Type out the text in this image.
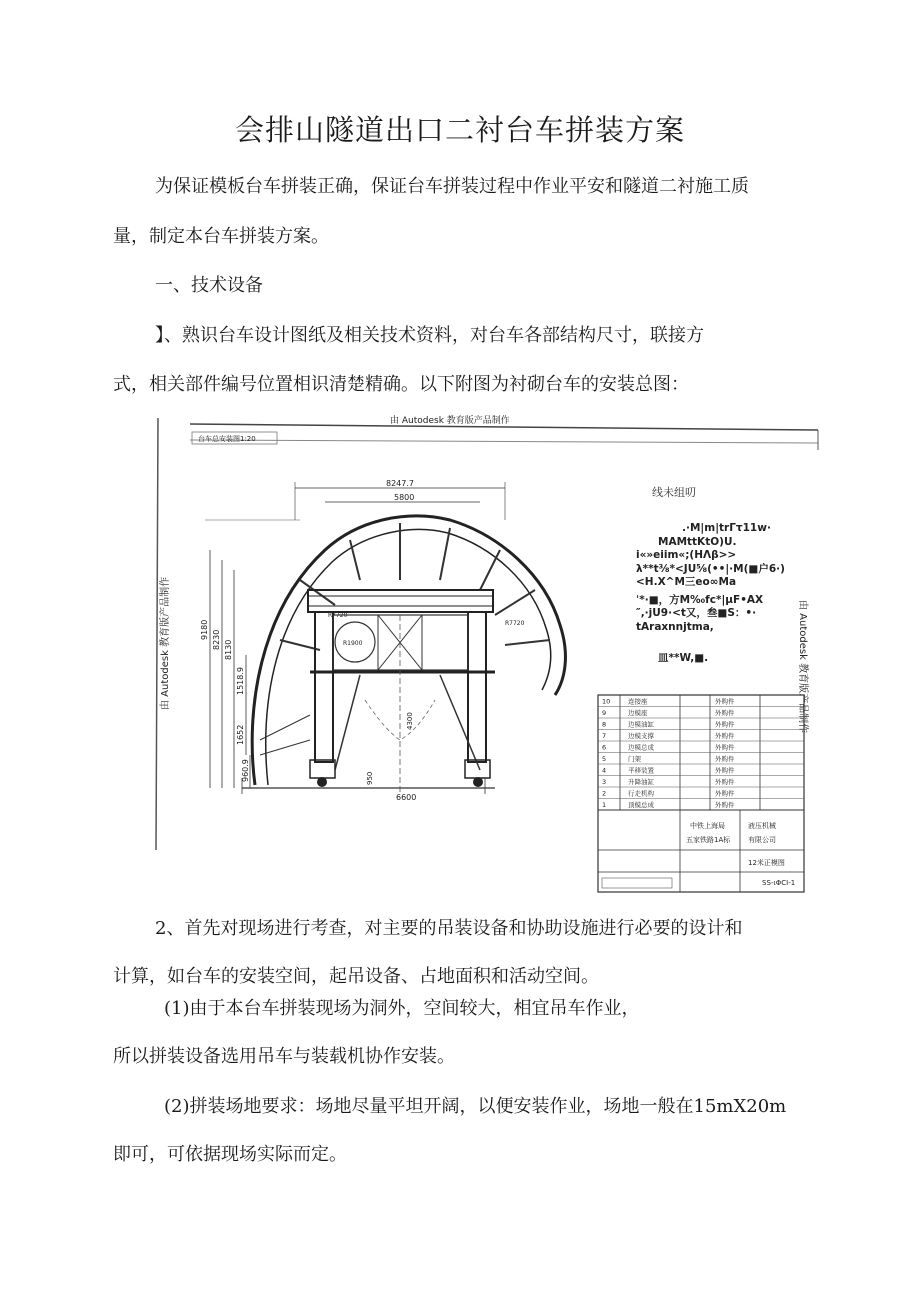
会排山隧道出口二衬台车拼装方案
为保证模板台车拼装正确，保证台车拼装过程中作业平安和隧道二衬施工质
量，制定本台车拼装方案。
一、技术设备
】、熟识台车设计图纸及相关技术资料，对台车各部结构尺寸，联接方
式，相关部件编号位置相识清楚精确。以下附图为衬砌台车的安装总图：
台车总安装图1:20
由 Autodesk 教育版产品制作
由 Autodesk 教育版产品制作	由 Autodesk 教育版产品制作
8247.7
5800
R7720
R7720
R1900
4300
6600
950
9180 8230 8130
1518.9
1652
960.9
10	连接座	外购件
9	边模座	外购件
8	边模油缸	外购件
7	边模支撑	外购件
6	边模总成	外购件
5	门架	外购件
4	平移装置	外购件
3	升降油缸	外购件
2	行走机构	外购件
1	顶模总成	外购件
中铁上海局
五家铁路1A标
液压机械
有限公司
12米正模图
SS-ιΦCI-1
线未组叨
.·M|m|trΓτ11w·
MAMttKtO)U.
i«»eiim«;(HΛβ>>
λ**t⅜*<JU⅝(••|·M(■户6·)
<H.X^M三eo∞Ma
ˈ*·■，方M%₀fc*|μF•AX
″,·jU9·<t又，叁■S：•·
tAraxnnjtma,
皿**W,■.
2、首先对现场进行考查，对主要的吊装设备和协助设施进行必要的设计和
计算，如台车的安装空间，起吊设备、占地面积和活动空间。
(1)由于本台车拼装现场为洞外，空间较大，相宜吊车作业，
所以拼装设备选用吊车与装载机协作安装。
(2)拼装场地要求：场地尽量平坦开阔，以便安装作业，场地一般在15mX20m
即可，可依据现场实际而定。
